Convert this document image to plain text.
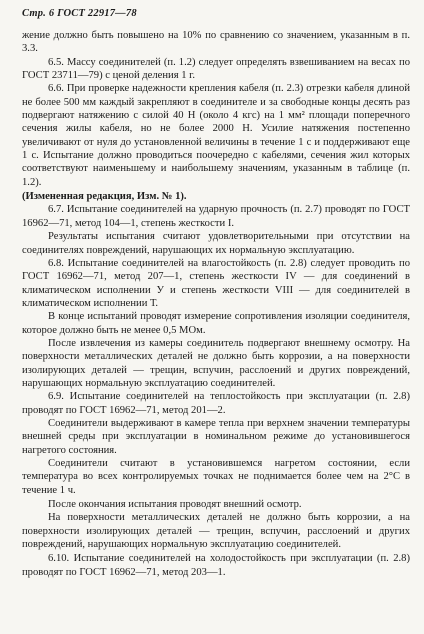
Стр. 6 ГОСТ 22917—78

жение должно быть повышено на 10% по сравнению со значением, указанным в п. 3.3.

6.5. Массу соединителей (п. 1.2) следует определять взвешиванием на весах по ГОСТ 23711—79) с ценой деления 1 г.

6.6. При проверке надежности крепления кабеля (п. 2.3) отрезки кабеля длиной не более 500 мм каждый закрепляют в соединителе и за свободные концы десять раз подвергают натяжению с силой 40 Н (около 4 кгс) на 1 мм² площади поперечного сечения жилы кабеля, но не более 2000 Н. Усилие натяжения постепенно увеличивают от нуля до установленной величины в течение 1 с и поддерживают еще 1 с. Испытание должно проводиться поочередно с кабелями, сечения жил которых соответствуют наименьшему и наибольшему значениям, указанным в таблице (п. 1.2).

(Измененная редакция, Изм. № 1).

6.7. Испытание соединителей на ударную прочность (п. 2.7) проводят по ГОСТ 16962—71, метод 104—1, степень жесткости I.

Результаты испытания считают удовлетворительными при отсутствии на соединителях повреждений, нарушающих их нормальную эксплуатацию.

6.8. Испытание соединителей на влагостойкость (п. 2.8) следует проводить по ГОСТ 16962—71, метод 207—1, степень жесткости IV — для соединений в климатическом исполнении У и степень жесткости VIII — для соединителей в климатическом исполнении Т.

В конце испытаний проводят измерение сопротивления изоляции соединителя, которое должно быть не менее 0,5 МОм.

После извлечения из камеры соединитель подвергают внешнему осмотру. На поверхности металлических деталей не должно быть коррозии, а на поверхности изолирующих деталей — трещин, вспучин, расслоений и других повреждений, нарушающих нормальную эксплуатацию соединителей.

6.9. Испытание соединителей на теплостойкость при эксплуатации (п. 2.8) проводят по ГОСТ 16962—71, метод 201—2.

Соединители выдерживают в камере тепла при верхнем значении температуры внешней среды при эксплуатации в номинальном режиме до установившегося нагретого состояния.

Соединители считают в установившемся нагретом состоянии, если температура во всех контролируемых точках не поднимается более чем на 2°С в течение 1 ч.

После окончания испытания проводят внешний осмотр.

На поверхности металлических деталей не должно быть коррозии, а на поверхности изолирующих деталей — трещин, вспучин, расслоений и других повреждений, нарушающих нормальную эксплуатацию соединителей.

6.10. Испытание соединителей на холодостойкость при эксплуатации (п. 2.8) проводят по ГОСТ 16962—71, метод 203—1.
